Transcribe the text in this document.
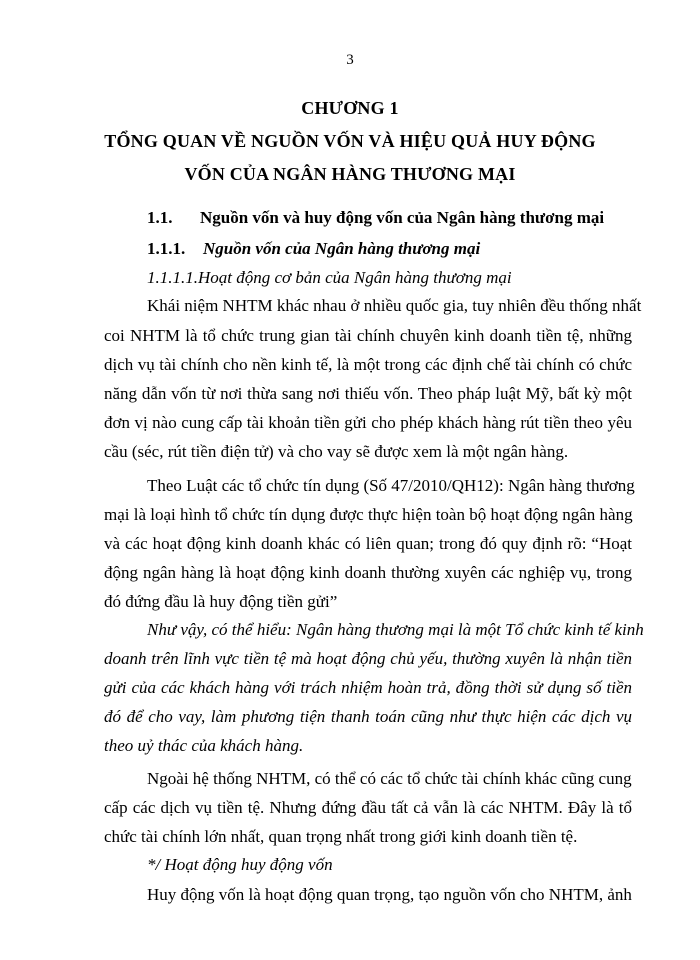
3
CHƯƠNG 1
TỔNG QUAN VỀ NGUỒN VỐN VÀ HIỆU QUẢ HUY ĐỘNG
VỐN CỦA NGÂN HÀNG THƯƠNG MẠI
1.1. Nguồn vốn và huy động vốn của Ngân hàng thương mại
1.1.1. Nguồn vốn của Ngân hàng thương mại
1.1.1.1.Hoạt động cơ bản của Ngân hàng thương mại
Khái niệm NHTM khác nhau ở nhiều quốc gia, tuy nhiên đều thống nhất
coi NHTM là tổ chức trung gian tài chính chuyên kinh doanh tiền tệ, những
dịch vụ tài chính cho nền kinh tế, là một trong các định chế tài chính có chức
năng dẫn vốn từ nơi thừa sang nơi thiếu vốn. Theo pháp luật Mỹ, bất kỳ một
đơn vị nào cung cấp tài khoản tiền gửi cho phép khách hàng rút tiền theo yêu
cầu (séc, rút tiền điện tử) và cho vay sẽ được xem là một ngân hàng.
Theo Luật các tổ chức tín dụng (Số 47/2010/QH12): Ngân hàng thương
mại là loại hình tổ chức tín dụng được thực hiện toàn bộ hoạt động ngân hàng
và các hoạt động kinh doanh khác có liên quan; trong đó quy định rõ: “Hoạt
động ngân hàng là hoạt động kinh doanh thường xuyên các nghiệp vụ, trong
đó đứng đầu là huy động tiền gửi”
Như vậy, có thể hiểu: Ngân hàng thương mại là một Tổ chức kinh tế kinh
doanh trên lĩnh vực tiền tệ mà hoạt động chủ yếu, thường xuyên là nhận tiền
gửi của các khách hàng với trách nhiệm hoàn trả, đồng thời sử dụng số tiền
đó để cho vay, làm phương tiện thanh toán cũng như thực hiện các dịch vụ
theo uỷ thác của khách hàng.
Ngoài hệ thống NHTM, có thể có các tổ chức tài chính khác cũng cung
cấp các dịch vụ tiền tệ. Nhưng đứng đầu tất cả vẫn là các NHTM. Đây là tổ
chức tài chính lớn nhất, quan trọng nhất trong giới kinh doanh tiền tệ.
*/ Hoạt động huy động vốn
Huy động vốn là hoạt động quan trọng, tạo nguồn vốn cho NHTM, ảnh
